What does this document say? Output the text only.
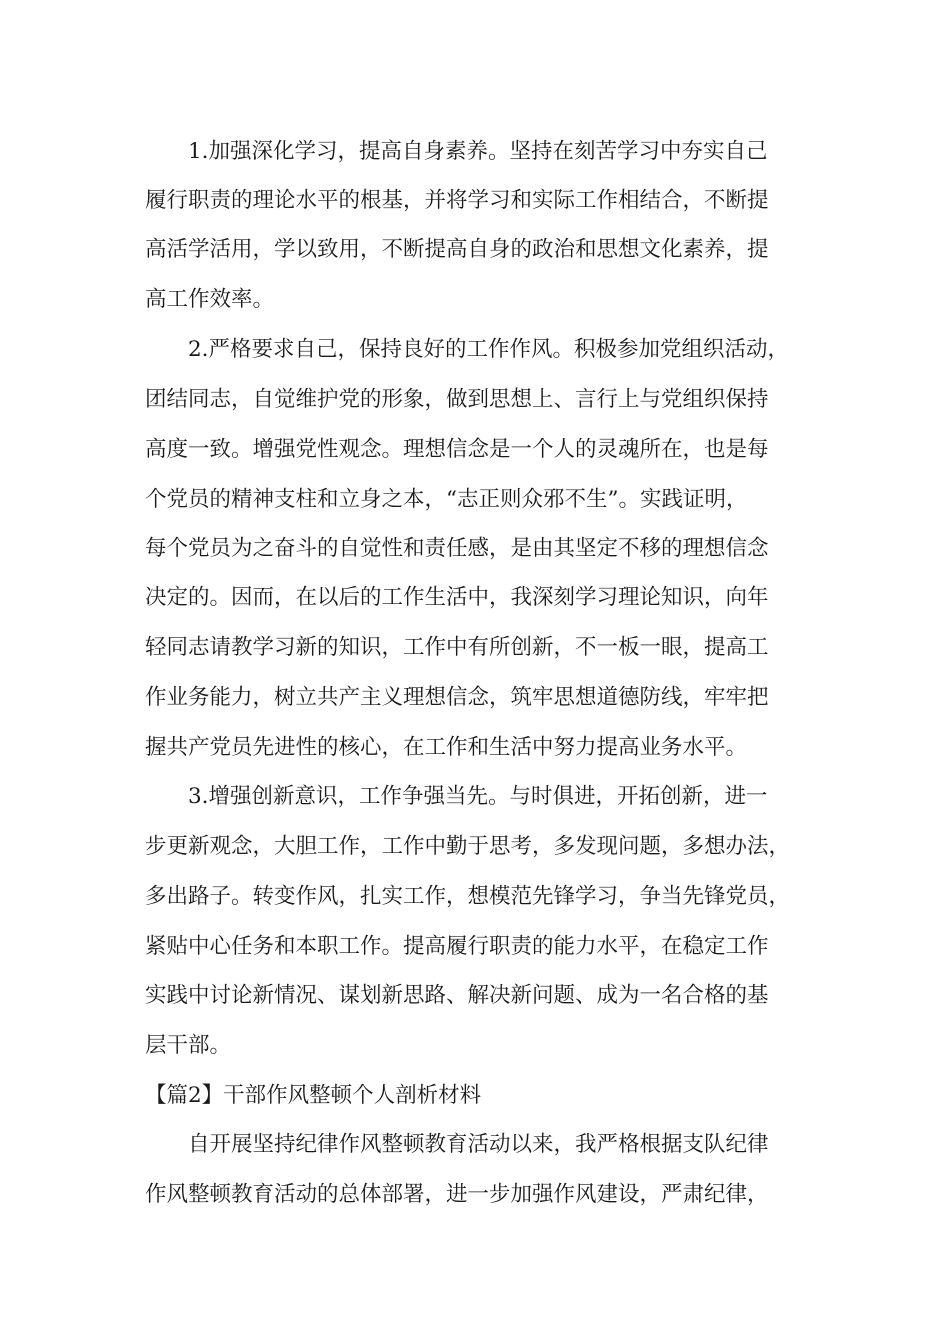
1.加强深化学习，提高自身素养。坚持在刻苦学习中夯实自己
履行职责的理论水平的根基，并将学习和实际工作相结合，不断提
高活学活用，学以致用，不断提高自身的政治和思想文化素养，提
高工作效率。
2.严格要求自己，保持良好的工作作风。积极参加党组织活动，
团结同志，自觉维护党的形象，做到思想上、言行上与党组织保持
高度一致。增强党性观念。理想信念是一个人的灵魂所在，也是每
个党员的精神支柱和立身之本，“志正则众邪不生”。实践证明，
每个党员为之奋斗的自觉性和责任感，是由其坚定不移的理想信念
决定的。因而，在以后的工作生活中，我深刻学习理论知识，向年
轻同志请教学习新的知识，工作中有所创新，不一板一眼，提高工
作业务能力，树立共产主义理想信念，筑牢思想道德防线，牢牢把
握共产党员先进性的核心，在工作和生活中努力提高业务水平。
3.增强创新意识，工作争强当先。与时俱进，开拓创新，进一
步更新观念，大胆工作，工作中勤于思考，多发现问题，多想办法，
多出路子。转变作风，扎实工作，想模范先锋学习，争当先锋党员，
紧贴中心任务和本职工作。提高履行职责的能力水平，在稳定工作
实践中讨论新情况、谋划新思路、解决新问题、成为一名合格的基
层干部。
【篇2】干部作风整顿个人剖析材料
自开展坚持纪律作风整顿教育活动以来，我严格根据支队纪律
作风整顿教育活动的总体部署，进一步加强作风建设，严肃纪律，
